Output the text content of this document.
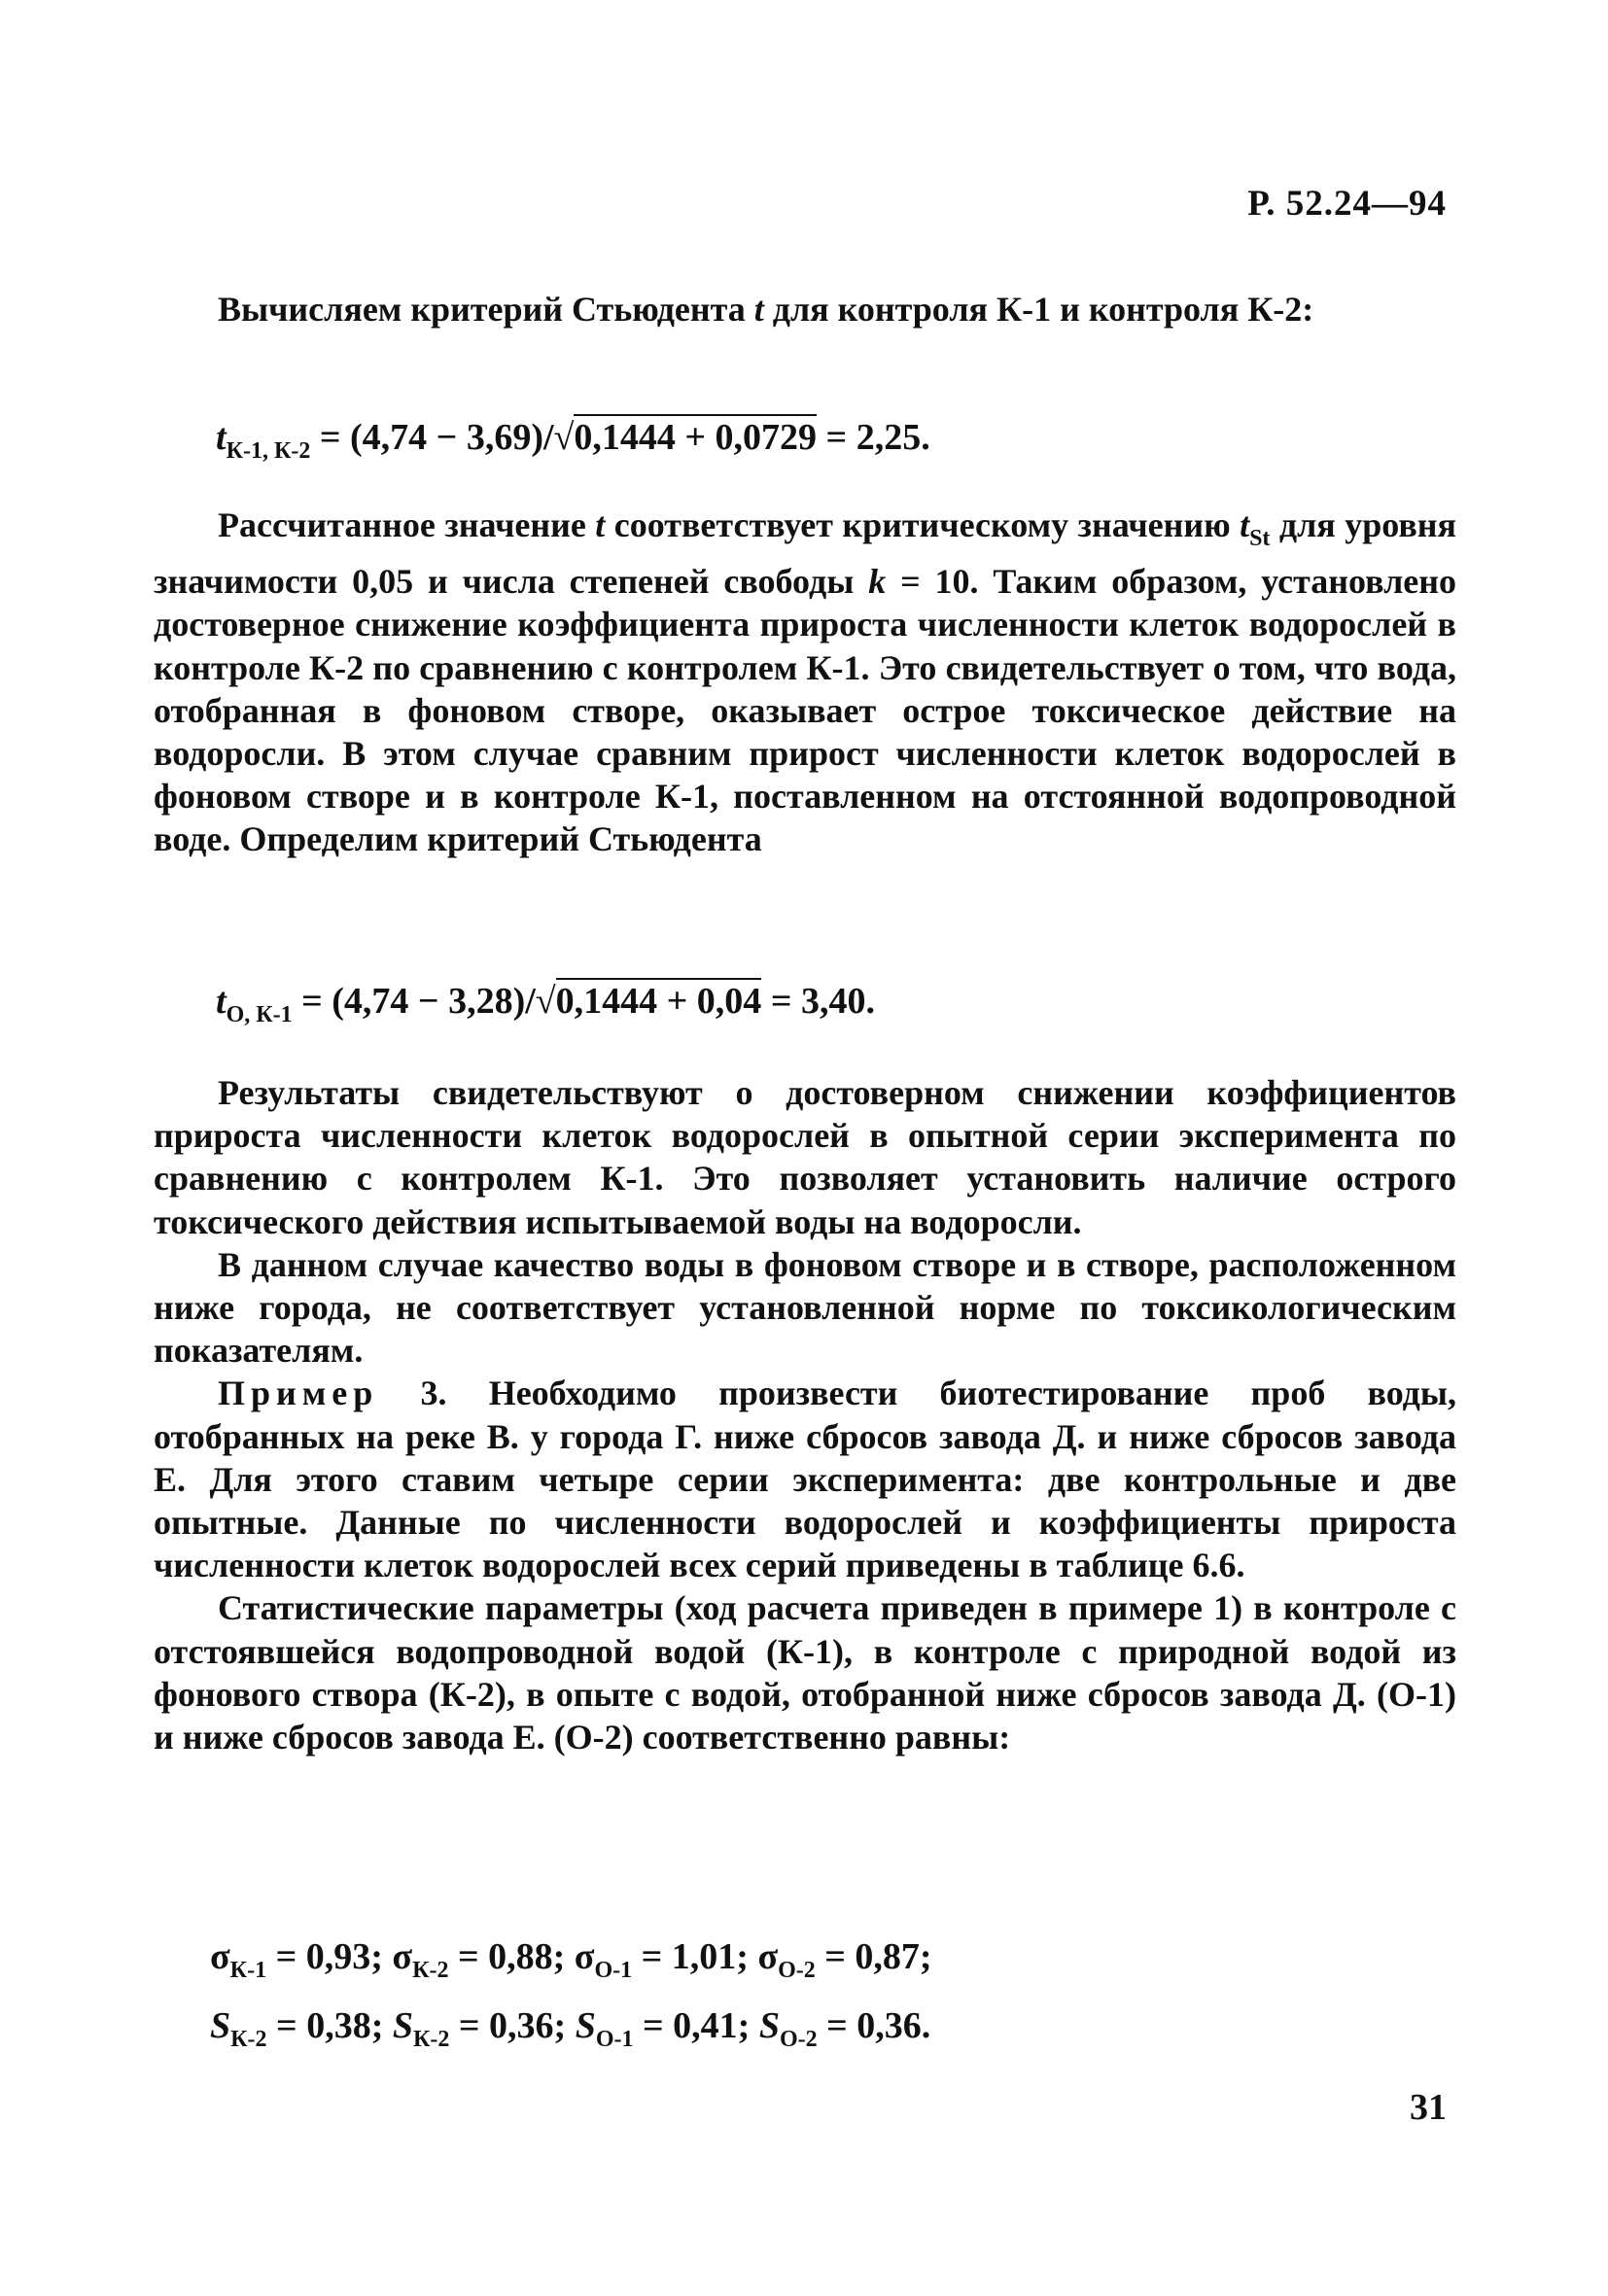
Р. 52.24—94

Вычисляем критерий Стьюдента t для контроля К-1 и контроля К-2:

$t_{К-1, К-2} = (4,74 - 3,69)/√0,1444 + 0,0729 = 2,25$.

Рассчитанное значение t соответствует критическому значению $t_{St}$ для уровня значимости 0,05 и числа степеней свободы k = 10. Таким образом, установлено достоверное снижение коэффициента прироста численности клеток водорослей в контроле К-2 по сравнению с контролем К-1. Это свидетельствует о том, что вода, отобранная в фоновом створе, оказывает острое токсическое действие на водоросли. В этом случае сравним прирост численности клеток водорослей в фоновом створе и в контроле К-1, поставленном на отстоянной водопроводной воде. Определим критерий Стьюдента

$t_{О, К-1} = (4,74 - 3,28)/√0,1444 + 0,04 = 3,40$.

Результаты свидетельствуют о достоверном снижении коэффициентов прироста численности клеток водорослей в опытной серии эксперимента по сравнению с контролем К-1. Это позволяет установить наличие острого токсического действия испытываемой воды на водоросли.

В данном случае качество воды в фоновом створе и в створе, расположенном ниже города, не соответствует установленной норме по токсикологическим показателям.

Пример 3. Необходимо произвести биотестирование проб воды, отобранных на реке В. у города Г. ниже сбросов завода Д. и ниже сбросов завода Е. Для этого ставим четыре серии эксперимента: две контрольные и две опытные. Данные по численности водорослей и коэффициенты прироста численности клеток водорослей всех серий приведены в таблице 6.6.

Статистические параметры (ход расчета приведен в примере 1) в контроле с отстоявшейся водопроводной водой (К-1), в контроле с природной водой из фонового створа (К-2), в опыте с водой, отобранной ниже сбросов завода Д. (О-1) и ниже сбросов завода Е. (О-2) соответственно равны:

$\sigma_{К-1} = 0,93$; $\sigma_{К-2} = 0,88$; $\sigma_{О-1} = 1,01$; $\sigma_{О-2} = 0,87$;
$S_{К-2} = 0,38$; $S_{К-2} = 0,36$; $S_{О-1} = 0,41$; $S_{О-2} = 0,36$.
31
